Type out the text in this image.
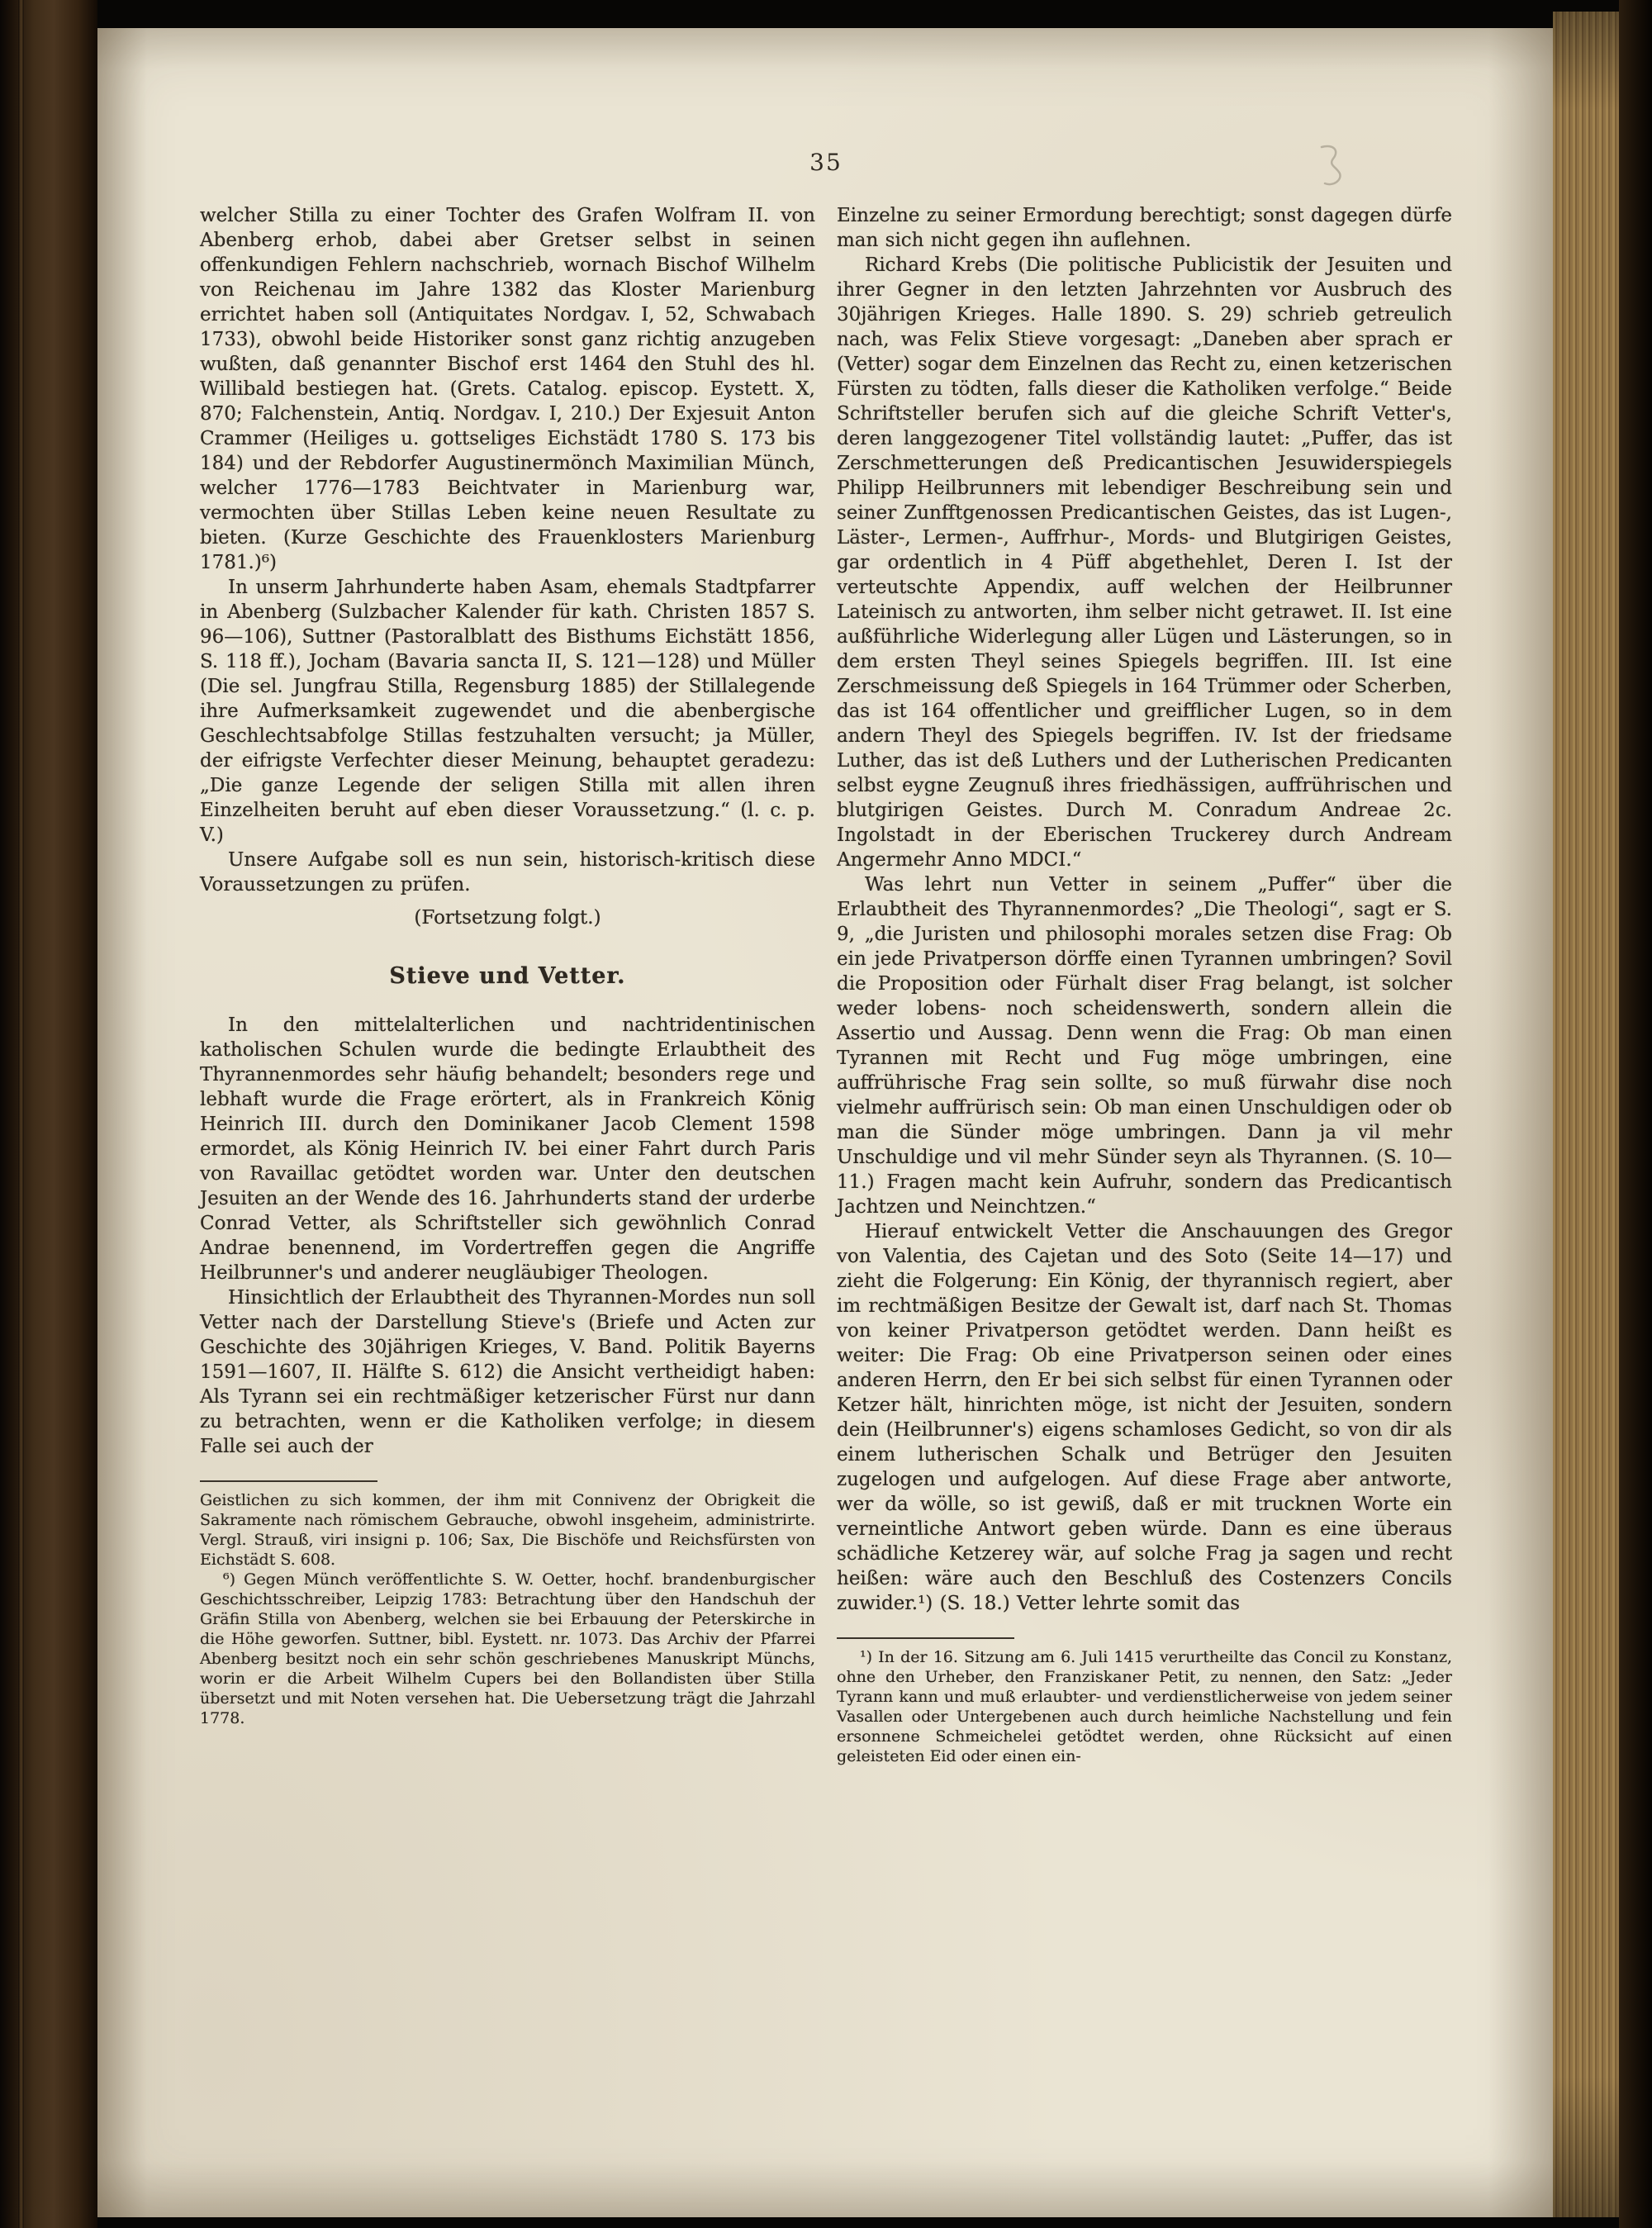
35

welcher Stilla zu einer Tochter des Grafen Wolfram II. von Abenberg erhob, dabei aber Gretser selbst in seinen offenkundigen Fehlern nachschrieb, wornach Bischof Wilhelm von Reichenau im Jahre 1382 das Kloster Marienburg errichtet haben soll (Antiquitates Nordgav. I, 52, Schwabach 1733), obwohl beide Historiker sonst ganz richtig anzugeben wußten, daß genannter Bischof erst 1464 den Stuhl des hl. Willibald bestiegen hat. (Grets. Catalog. episcop. Eystett. X, 870; Falchenstein, Antiq. Nordgav. I, 210.) Der Exjesuit Anton Crammer (Heiliges u. gottseliges Eichstädt 1780 S. 173 bis 184) und der Rebdorfer Augustinermönch Maximilian Münch, welcher 1776—1783 Beichtvater in Marienburg war, vermochten über Stillas Leben keine neuen Resultate zu bieten. (Kurze Geschichte des Frauenklosters Marienburg 1781.)⁶)

In unserm Jahrhunderte haben Asam, ehemals Stadtpfarrer in Abenberg (Sulzbacher Kalender für kath. Christen 1857 S. 96—106), Suttner (Pastoralblatt des Bisthums Eichstätt 1856, S. 118 ff.), Jocham (Bavaria sancta II, S. 121—128) und Müller (Die sel. Jungfrau Stilla, Regensburg 1885) der Stillalegende ihre Aufmerksamkeit zugewendet und die abenbergische Geschlechtsabfolge Stillas festzuhalten versucht; ja Müller, der eifrigste Verfechter dieser Meinung, behauptet geradezu: „Die ganze Legende der seligen Stilla mit allen ihren Einzelheiten beruht auf eben dieser Voraussetzung.“ (l. c. p. V.)

Unsere Aufgabe soll es nun sein, historisch-kritisch diese Voraussetzungen zu prüfen.

(Fortsetzung folgt.)

Stieve und Vetter.

In den mittelalterlichen und nachtridentinischen katholischen Schulen wurde die bedingte Erlaubtheit des Thyrannenmordes sehr häufig behandelt; besonders rege und lebhaft wurde die Frage erörtert, als in Frankreich König Heinrich III. durch den Dominikaner Jacob Clement 1598 ermordet, als König Heinrich IV. bei einer Fahrt durch Paris von Ravaillac getödtet worden war. Unter den deutschen Jesuiten an der Wende des 16. Jahrhunderts stand der urderbe Conrad Vetter, als Schriftsteller sich gewöhnlich Conrad Andrae benennend, im Vordertreffen gegen die Angriffe Heilbrunner's und anderer neugläubiger Theologen.

Hinsichtlich der Erlaubtheit des Thyrannen-Mordes nun soll Vetter nach der Darstellung Stieve's (Briefe und Acten zur Geschichte des 30jährigen Krieges, V. Band. Politik Bayerns 1591—1607, II. Hälfte S. 612) die Ansicht vertheidigt haben: Als Tyrann sei ein rechtmäßiger ketzerischer Fürst nur dann zu betrachten, wenn er die Katholiken verfolge; in diesem Falle sei auch der

Geistlichen zu sich kommen, der ihm mit Connivenz der Obrigkeit die Sakramente nach römischem Gebrauche, obwohl insgeheim, administrirte. Vergl. Strauß, viri insigni p. 106; Sax, Die Bischöfe und Reichsfürsten von Eichstädt S. 608.

⁶) Gegen Münch veröffentlichte S. W. Oetter, hochf. brandenburgischer Geschichtsschreiber, Leipzig 1783: Betrachtung über den Handschuh der Gräfin Stilla von Abenberg, welchen sie bei Erbauung der Peterskirche in die Höhe geworfen. Suttner, bibl. Eystett. nr. 1073. Das Archiv der Pfarrei Abenberg besitzt noch ein sehr schön geschriebenes Manuskript Münchs, worin er die Arbeit Wilhelm Cupers bei den Bollandisten über Stilla übersetzt und mit Noten versehen hat. Die Uebersetzung trägt die Jahrzahl 1778.

Einzelne zu seiner Ermordung berechtigt; sonst dagegen dürfe man sich nicht gegen ihn auflehnen.

Richard Krebs (Die politische Publicistik der Jesuiten und ihrer Gegner in den letzten Jahrzehnten vor Ausbruch des 30jährigen Krieges. Halle 1890. S. 29) schrieb getreulich nach, was Felix Stieve vorgesagt: „Daneben aber sprach er (Vetter) sogar dem Einzelnen das Recht zu, einen ketzerischen Fürsten zu tödten, falls dieser die Katholiken verfolge.“ Beide Schriftsteller berufen sich auf die gleiche Schrift Vetter's, deren langgezogener Titel vollständig lautet: „Puffer, das ist Zerschmetterungen deß Predicantischen Jesuwiderspiegels Philipp Heilbrunners mit lebendiger Beschreibung sein und seiner Zunfftgenossen Predicantischen Geistes, das ist Lugen-, Läster-, Lermen-, Auffrhur-, Mords- und Blutgirigen Geistes, gar ordentlich in 4 Püff abgethehlet, Deren I. Ist der verteutschte Appendix, auff welchen der Heilbrunner Lateinisch zu antworten, ihm selber nicht getrawet. II. Ist eine außführliche Widerlegung aller Lügen und Lästerungen, so in dem ersten Theyl seines Spiegels begriffen. III. Ist eine Zerschmeissung deß Spiegels in 164 Trümmer oder Scherben, das ist 164 offentlicher und greifflicher Lugen, so in dem andern Theyl des Spiegels begriffen. IV. Ist der friedsame Luther, das ist deß Luthers und der Lutherischen Predicanten selbst eygne Zeugnuß ihres friedhässigen, auffrührischen und blutgirigen Geistes. Durch M. Conradum Andreae 2c. Ingolstadt in der Eberischen Truckerey durch Andream Angermehr Anno MDCI.“

Was lehrt nun Vetter in seinem „Puffer“ über die Erlaubtheit des Thyrannenmordes? „Die Theologi“, sagt er S. 9, „die Juristen und philosophi morales setzen dise Frag: Ob ein jede Privatperson dörffe einen Tyrannen umbringen? Sovil die Proposition oder Fürhalt diser Frag belangt, ist solcher weder lobens- noch scheidenswerth, sondern allein die Assertio und Aussag. Denn wenn die Frag: Ob man einen Tyrannen mit Recht und Fug möge umbringen, eine auffrührische Frag sein sollte, so muß fürwahr dise noch vielmehr auffrürisch sein: Ob man einen Unschuldigen oder ob man die Sünder möge umbringen. Dann ja vil mehr Unschuldige und vil mehr Sünder seyn als Thyrannen. (S. 10—11.) Fragen macht kein Aufruhr, sondern das Predicantisch Jachtzen und Neinchtzen.“

Hierauf entwickelt Vetter die Anschauungen des Gregor von Valentia, des Cajetan und des Soto (Seite 14—17) und zieht die Folgerung: Ein König, der thyrannisch regiert, aber im rechtmäßigen Besitze der Gewalt ist, darf nach St. Thomas von keiner Privatperson getödtet werden. Dann heißt es weiter: Die Frag: Ob eine Privatperson seinen oder eines anderen Herrn, den Er bei sich selbst für einen Tyrannen oder Ketzer hält, hinrichten möge, ist nicht der Jesuiten, sondern dein (Heilbrunner's) eigens schamloses Gedicht, so von dir als einem lutherischen Schalk und Betrüger den Jesuiten zugelogen und aufgelogen. Auf diese Frage aber antworte, wer da wölle, so ist gewiß, daß er mit trucknen Worte ein verneintliche Antwort geben würde. Dann es eine überaus schädliche Ketzerey wär, auf solche Frag ja sagen und recht heißen: wäre auch den Beschluß des Costenzers Concils zuwider.¹) (S. 18.) Vetter lehrte somit das

¹) In der 16. Sitzung am 6. Juli 1415 verurtheilte das Concil zu Konstanz, ohne den Urheber, den Franziskaner Petit, zu nennen, den Satz: „Jeder Tyrann kann und muß erlaubter- und verdienstlicherweise von jedem seiner Vasallen oder Untergebenen auch durch heimliche Nachstellung und fein ersonnene Schmeichelei getödtet werden, ohne Rücksicht auf einen geleisteten Eid oder einen ein-
